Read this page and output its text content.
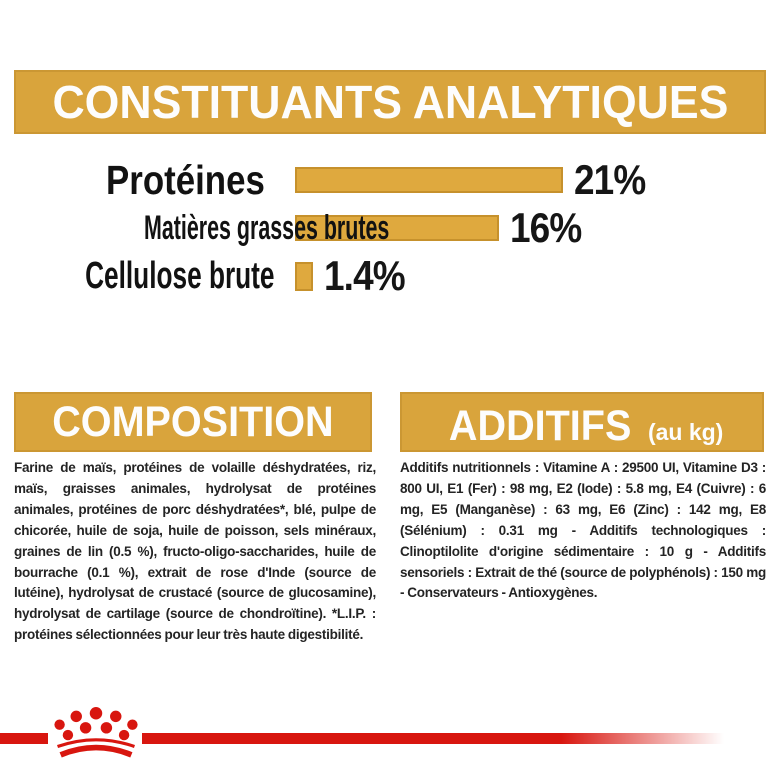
CONSTITUANTS ANALYTIQUES
Protéines	21%
Matières grasses brutes	16%
Cellulose brute 1.4%
COMPOSITION
Farine de maïs, protéines de volaille déshydratées, riz, maïs, graisses animales, hydrolysat de protéines animales, protéines de porc déshydratées*, blé, pulpe de chicorée, huile de soja, huile de poisson, sels minéraux, graines de lin (0.5 %), fructo-oligo-saccharides, huile de bourrache (0.1 %), extrait de rose d'Inde (source de lutéine), hydrolysat de crustacé (source de glucosamine), hydrolysat de cartilage (source de chondroïtine). *L.I.P. : protéines sélectionnées pour leur très haute digestibilité.
ADDITIFS (au kg)
Additifs nutritionnels : Vitamine A : 29500 UI, Vitamine D3 : 800 UI, E1 (Fer) : 98 mg, E2 (Iode) : 5.8 mg, E4 (Cuivre) : 6 mg, E5 (Manganèse) : 63 mg, E6 (Zinc) : 142 mg, E8 (Sélénium) : 0.31 mg - Additifs technologiques : Clinoptilolite d'origine sédimentaire : 10 g - Additifs sensoriels : Extrait de thé (source de polyphénols) : 150 mg - Conservateurs - Antioxygènes.
